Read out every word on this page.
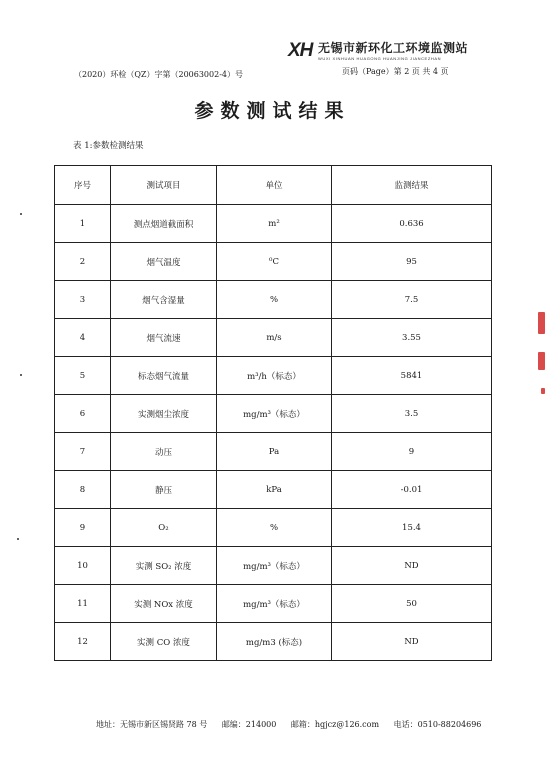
XH 无锡市新环化工环境监测站
WUXI XINHUAN HUAGONG HUANJING JIANCEZHAN
（2020）环检（QZ）字第（20063002-4）号	页码（Page）第 2 页 共 4 页
参数测试结果
表 1:参数检测结果
序号	测试项目	单位	监测结果
1	测点烟道截面积	m²	0.636
2	烟气温度	⁰C	95
3	烟气含湿量	%	7.5
4	烟气流速	m/s	3.55
5	标态烟气流量	m³/h（标态）	5841
6	实测烟尘浓度	mg/m³（标态）	3.5
7	动压	Pa	9
8	静压	kPa	-0.01
9	O₂	%	15.4
10	实测 SO₂ 浓度	mg/m³（标态）	ND
11	实测 NOx 浓度	mg/m³（标态）	50
12	实测 CO 浓度	mg/m3 (标态)	ND
地址：无锡市新区锡贤路 78 号 邮编：214000 邮箱：hgjcz@126.com 电话：0510-88204696
